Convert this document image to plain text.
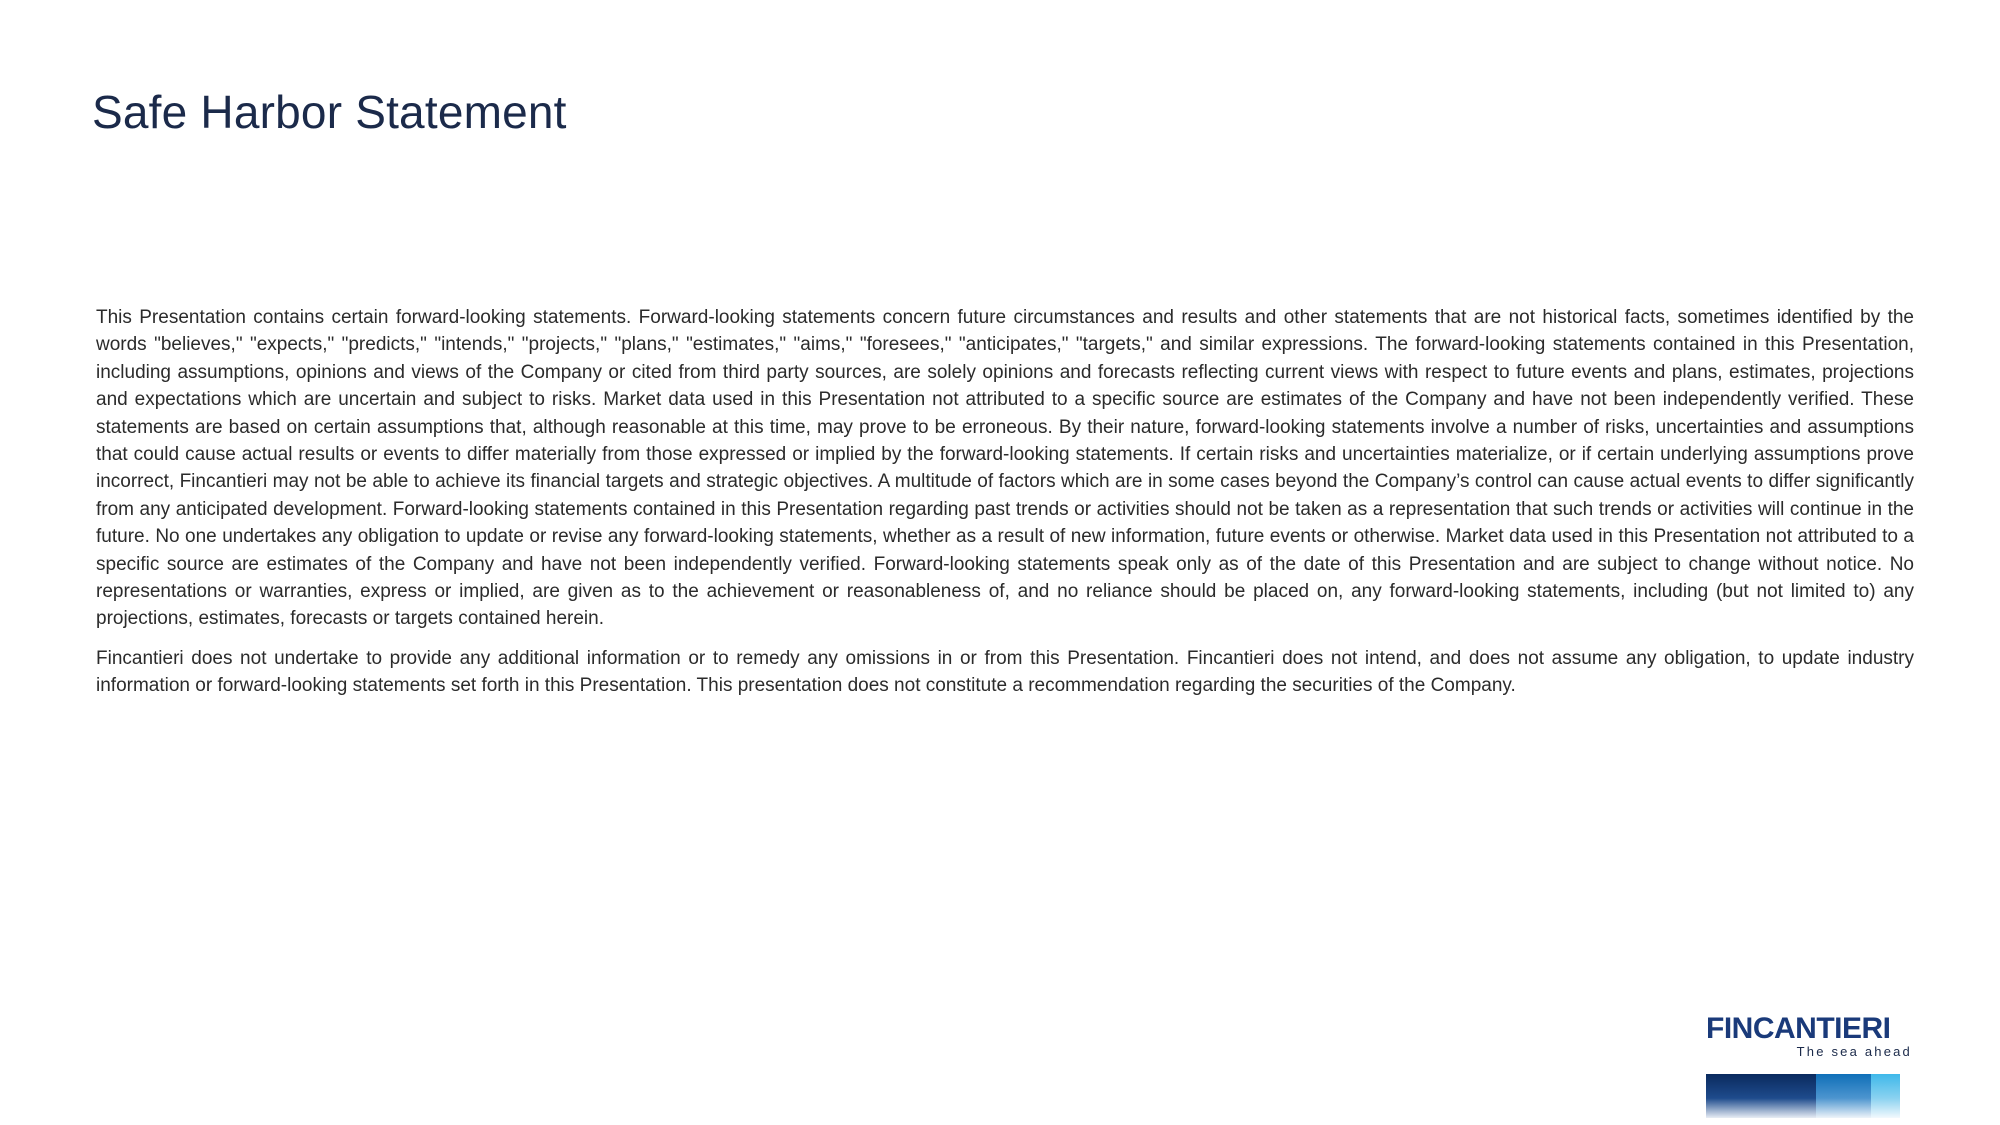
Safe Harbor Statement

This Presentation contains certain forward-looking statements. Forward-looking statements concern future circumstances and results and other statements that are not historical facts, sometimes identified by the words "believes," "expects," "predicts," "intends," "projects," "plans," "estimates," "aims," "foresees," "anticipates," "targets," and similar expressions. The forward-looking statements contained in this Presentation, including assumptions, opinions and views of the Company or cited from third party sources, are solely opinions and forecasts reflecting current views with respect to future events and plans, estimates, projections and expectations which are uncertain and subject to risks. Market data used in this Presentation not attributed to a specific source are estimates of the Company and have not been independently verified. These statements are based on certain assumptions that, although reasonable at this time, may prove to be erroneous. By their nature, forward-looking statements involve a number of risks, uncertainties and assumptions that could cause actual results or events to differ materially from those expressed or implied by the forward-looking statements. If certain risks and uncertainties materialize, or if certain underlying assumptions prove incorrect, Fincantieri may not be able to achieve its financial targets and strategic objectives. A multitude of factors which are in some cases beyond the Company’s control can cause actual events to differ significantly from any anticipated development. Forward-looking statements contained in this Presentation regarding past trends or activities should not be taken as a representation that such trends or activities will continue in the future. No one undertakes any obligation to update or revise any forward-looking statements, whether as a result of new information, future events or otherwise. Market data used in this Presentation not attributed to a specific source are estimates of the Company and have not been independently verified. Forward-looking statements speak only as of the date of this Presentation and are subject to change without notice. No representations or warranties, express or implied, are given as to the achievement or reasonableness of, and no reliance should be placed on, any forward-looking statements, including (but not limited to) any projections, estimates, forecasts or targets contained herein.

Fincantieri does not undertake to provide any additional information or to remedy any omissions in or from this Presentation. Fincantieri does not intend, and does not assume any obligation, to update industry information or forward-looking statements set forth in this Presentation. This presentation does not constitute a recommendation regarding the securities of the Company.

FINCANTIERI
The sea ahead
